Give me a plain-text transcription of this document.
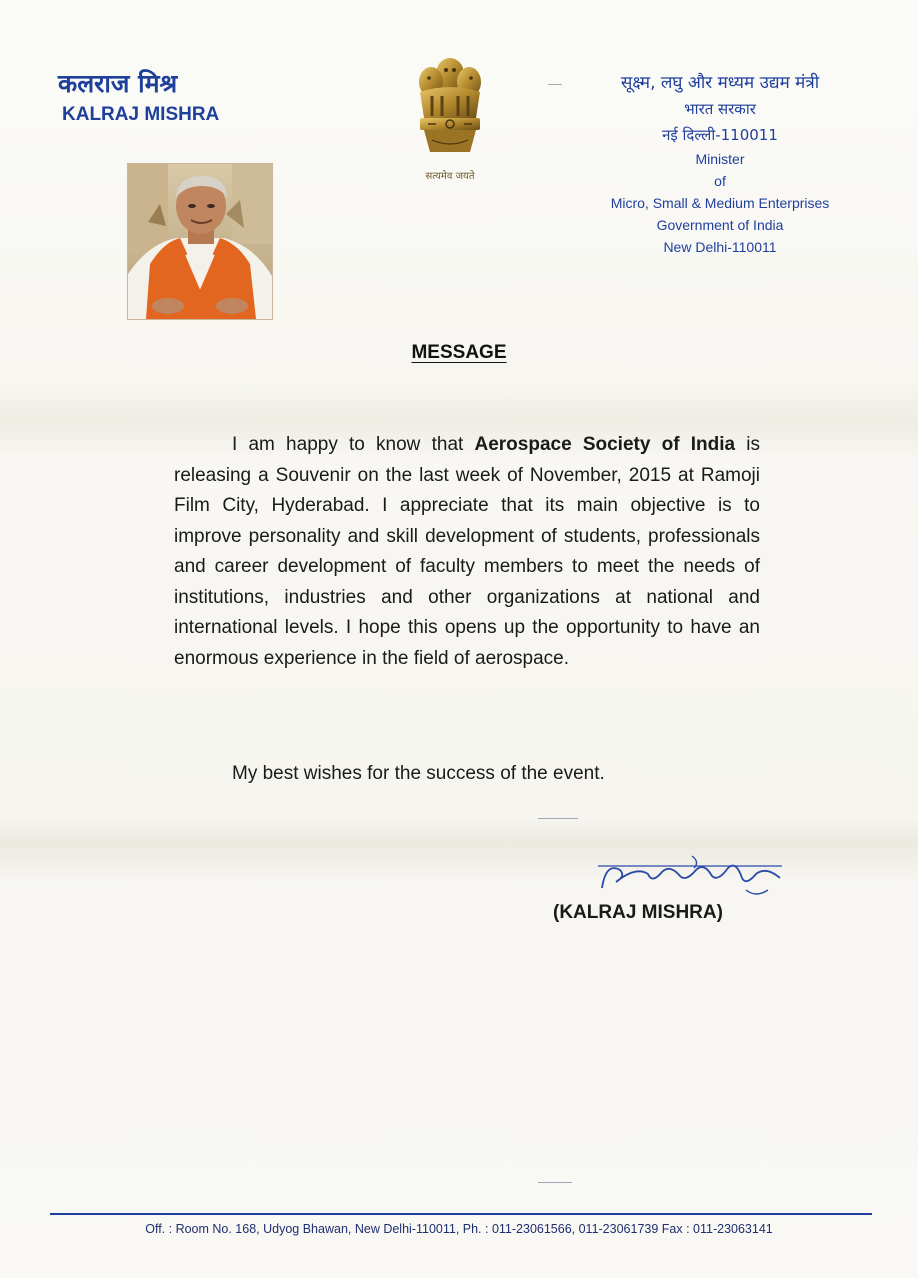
कलराज मिश्र
KALRAJ MISHRA
सत्यमेव जयते
सूक्ष्म, लघु और मध्यम उद्यम मंत्री
भारत सरकार
नई दिल्ली-110011
Minister
of
Micro, Small & Medium Enterprises
Government of India
New Delhi-110011
MESSAGE

I am happy to know that Aerospace Society of India is releasing a Souvenir on the last week of November, 2015 at Ramoji Film City, Hyderabad. I appreciate that its main objective is to improve personality and skill development of students, professionals and career development of faculty members to meet the needs of institutions, industries and other organizations at national and international levels. I hope this opens up the opportunity to have an enormous experience in the field of aerospace.

My best wishes for the success of the event.
(KALRAJ MISHRA)
Off. : Room No. 168, Udyog Bhawan, New Delhi-110011, Ph. : 011-23061566, 011-23061739 Fax : 011-23063141
